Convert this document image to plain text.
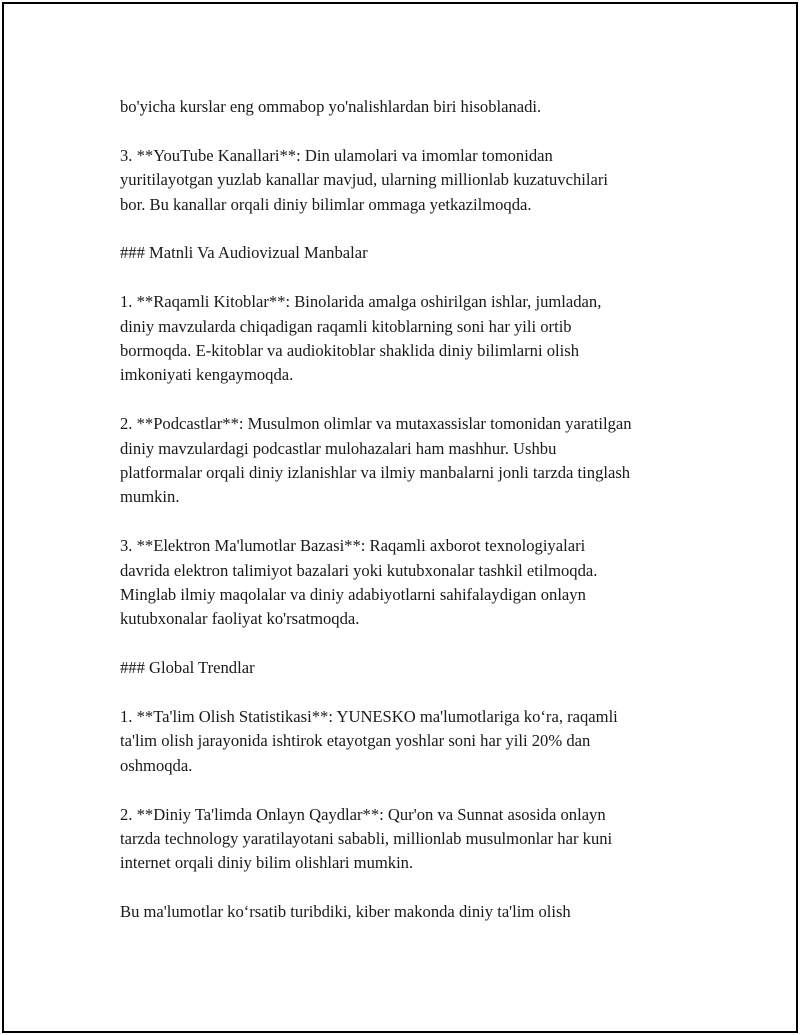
bo'yicha kurslar eng ommabop yo'nalishlardan biri hisoblanadi.

3. **YouTube Kanallari**: Din ulamolari va imomlar tomonidan
yuritilayotgan yuzlab kanallar mavjud, ularning millionlab kuzatuvchilari
bor. Bu kanallar orqali diniy bilimlar ommaga yetkazilmoqda.

### Matnli Va Audiovizual Manbalar

1. **Raqamli Kitoblar**: Binolarida amalga oshirilgan ishlar, jumladan,
diniy mavzularda chiqadigan raqamli kitoblarning soni har yili ortib
bormoqda. E-kitoblar va audiokitoblar shaklida diniy bilimlarni olish
imkoniyati kengaymoqda.

2. **Podcastlar**: Musulmon olimlar va mutaxassislar tomonidan yaratilgan
diniy mavzulardagi podcastlar mulohazalari ham mashhur. Ushbu
platformalar orqali diniy izlanishlar va ilmiy manbalarni jonli tarzda tinglash
mumkin.

3. **Elektron Ma'lumotlar Bazasi**: Raqamli axborot texnologiyalari
davrida elektron talimiyot bazalari yoki kutubxonalar tashkil etilmoqda.
Minglab ilmiy maqolalar va diniy adabiyotlarni sahifalaydigan onlayn
kutubxonalar faoliyat ko'rsatmoqda.

### Global Trendlar

1. **Ta'lim Olish Statistikasi**: YUNESKO ma'lumotlariga ko‘ra, raqamli
ta'lim olish jarayonida ishtirok etayotgan yoshlar soni har yili 20% dan
oshmoqda.

2. **Diniy Ta'limda Onlayn Qaydlar**: Qur'on va Sunnat asosida onlayn
tarzda technology yaratilayotani sababli, millionlab musulmonlar har kuni
internet orqali diniy bilim olishlari mumkin.

Bu ma'lumotlar ko‘rsatib turibdiki, kiber makonda diniy ta'lim olish
